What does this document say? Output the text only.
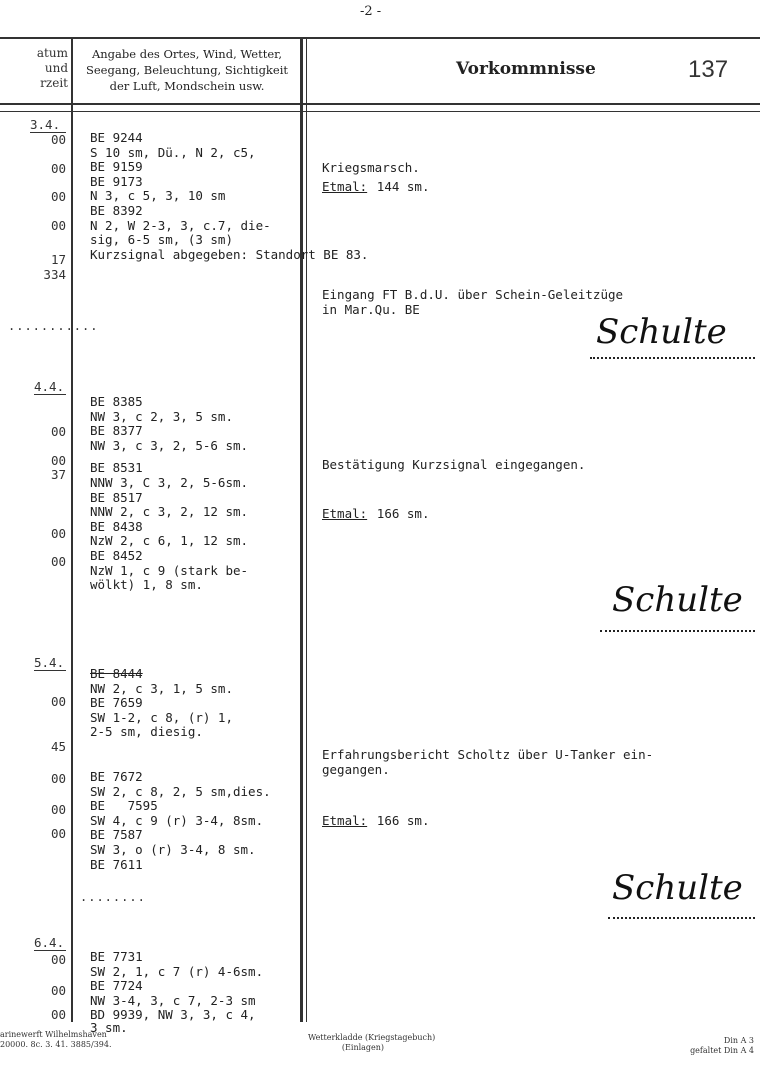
-2 -
137
atum
und
rzeit
Angabe des Ortes, Wind, Wetter,
Seegang, Beleuchtung, Sichtigkeit
der Luft, Mondschein usw.
Vorkommnisse
3.4.
00
00
00
00
17
334
BE 9244
S 10 sm, Dü., N 2, c5,
BE 9159
BE 9173
N 3, c 5, 3, 10 sm
BE 8392
N 2, W 2-3, 3, c.7, die-
sig, 6-5 sm, (3 sm)
Kurzsignal abgegeben: Standort BE 83.
Kriegsmarsch.
Etmal: 144 sm.
Eingang FT B.d.U. über Schein-Geleitzüge
in Mar.Qu. BE
...........	Schulte
4.4.
00
00
37
00
00
BE 8385
NW 3, c 2, 3, 5 sm.
BE 8377
NW 3, c 3, 2, 5-6 sm.
BE 8531
NNW 3, C 3, 2, 5-6sm.
BE 8517
NNW 2, c 3, 2, 12 sm.
BE 8438
NzW 2, c 6, 1, 12 sm.
BE 8452
NzW 1, c 9 (stark be-
wölkt) 1, 8 sm.
Bestätigung Kurzsignal eingegangen.
Etmal: 166 sm.
Schulte
5.4.
00
45
00
00
00
BE 8444
NW 2, c 3, 1, 5 sm.
BE 7659
SW 1-2, c 8, (r) 1,
2-5 sm, diesig.
BE 7672
SW 2, c 8, 2, 5 sm,dies.
BE   7595
SW 4, c 9 (r) 3-4, 8sm.
BE 7587
SW 3, o (r) 3-4, 8 sm.
BE 7611
Erfahrungsbericht Scholtz über U-Tanker ein-
gegangen.
Etmal: 166 sm.
........	Schulte
6.4.
00
00
00
BE 7731
SW 2, 1, c 7 (r) 4-6sm.
BE 7724
NW 3-4, 3, c 7, 2-3 sm
BD 9939, NW 3, 3, c 4,
3 sm.
arinewerft Wilhelmshaven
20000. 8c. 3. 41. 3885/394.
Wetterkladde (Kriegstagebuch)
(Einlagen)
Din A 3
gefaltet Din A 4
